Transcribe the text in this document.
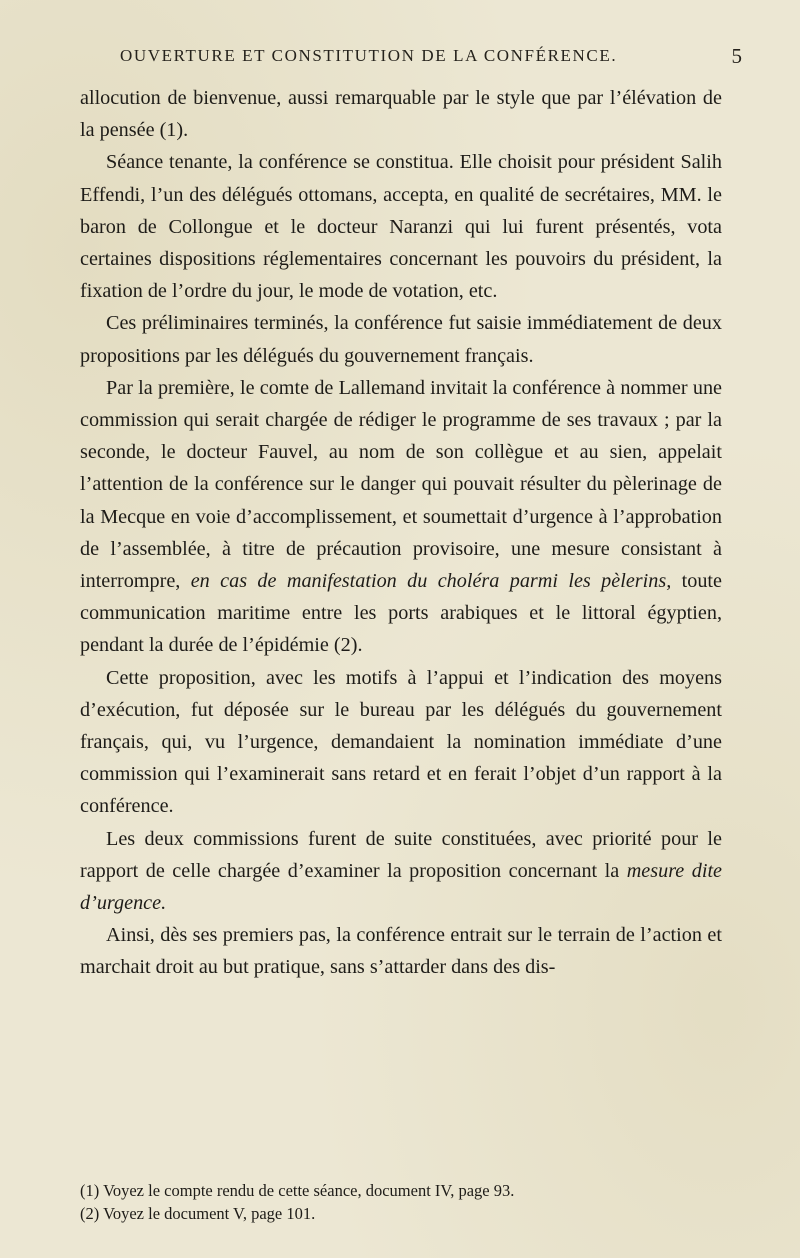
OUVERTURE ET CONSTITUTION DE LA CONFÉRENCE.	5

allocution de bienvenue, aussi remarquable par le style que par l’élévation de la pensée (1).

Séance tenante, la conférence se constitua. Elle choisit pour président Salih Effendi, l’un des délégués ottomans, accepta, en qualité de secrétaires, MM. le baron de Collongue et le docteur Naranzi qui lui furent présentés, vota certaines dispositions réglementaires concernant les pouvoirs du président, la fixation de l’ordre du jour, le mode de votation, etc.

Ces préliminaires terminés, la conférence fut saisie immédiatement de deux propositions par les délégués du gouvernement français.

Par la première, le comte de Lallemand invitait la conférence à nommer une commission qui serait chargée de rédiger le programme de ses travaux ; par la seconde, le docteur Fauvel, au nom de son collègue et au sien, appelait l’attention de la conférence sur le danger qui pouvait résulter du pèlerinage de la Mecque en voie d’accomplissement, et soumettait d’urgence à l’approbation de l’assemblée, à titre de précaution provisoire, une mesure consistant à interrompre, en cas de manifestation du choléra parmi les pèlerins, toute communication maritime entre les ports arabiques et le littoral égyptien, pendant la durée de l’épidémie (2).

Cette proposition, avec les motifs à l’appui et l’indication des moyens d’exécution, fut déposée sur le bureau par les délégués du gouvernement français, qui, vu l’urgence, demandaient la nomination immédiate d’une commission qui l’examinerait sans retard et en ferait l’objet d’un rapport à la conférence.

Les deux commissions furent de suite constituées, avec priorité pour le rapport de celle chargée d’examiner la proposition concernant la mesure dite d’urgence.

Ainsi, dès ses premiers pas, la conférence entrait sur le terrain de l’action et marchait droit au but pratique, sans s’attarder dans des dis-

(1) Voyez le compte rendu de cette séance, document IV, page 93.

(2) Voyez le document V, page 101.
